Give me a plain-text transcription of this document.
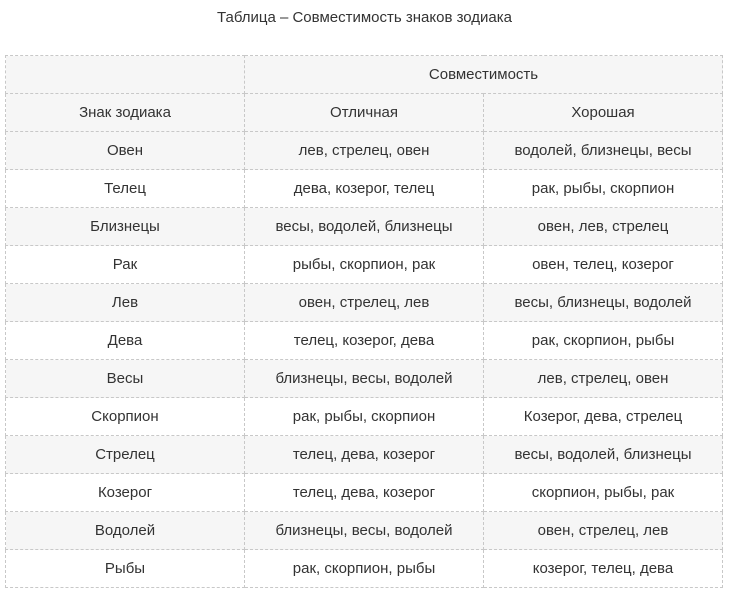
Таблица – Совместимость знаков зодиака
	Совместимость	
Знак зодиака	Отличная	Хорошая
Овен	лев, стрелец, овен	водолей, близнецы, весы
Телец	дева, козерог, телец	рак, рыбы, скорпион
Близнецы	весы, водолей, близнецы	овен, лев, стрелец
Рак	рыбы, скорпион, рак	овен, телец, козерог
Лев	овен, стрелец, лев	весы, близнецы, водолей
Дева	телец, козерог, дева	рак, скорпион, рыбы
Весы	близнецы, весы, водолей	лев, стрелец, овен
Скорпион	рак, рыбы, скорпион	Козерог, дева, стрелец
Стрелец	телец, дева, козерог	весы, водолей, близнецы
Козерог	телец, дева, козерог	скорпион, рыбы, рак
Водолей	близнецы, весы, водолей	овен, стрелец, лев
Рыбы	рак, скорпион, рыбы	козерог, телец, дева
